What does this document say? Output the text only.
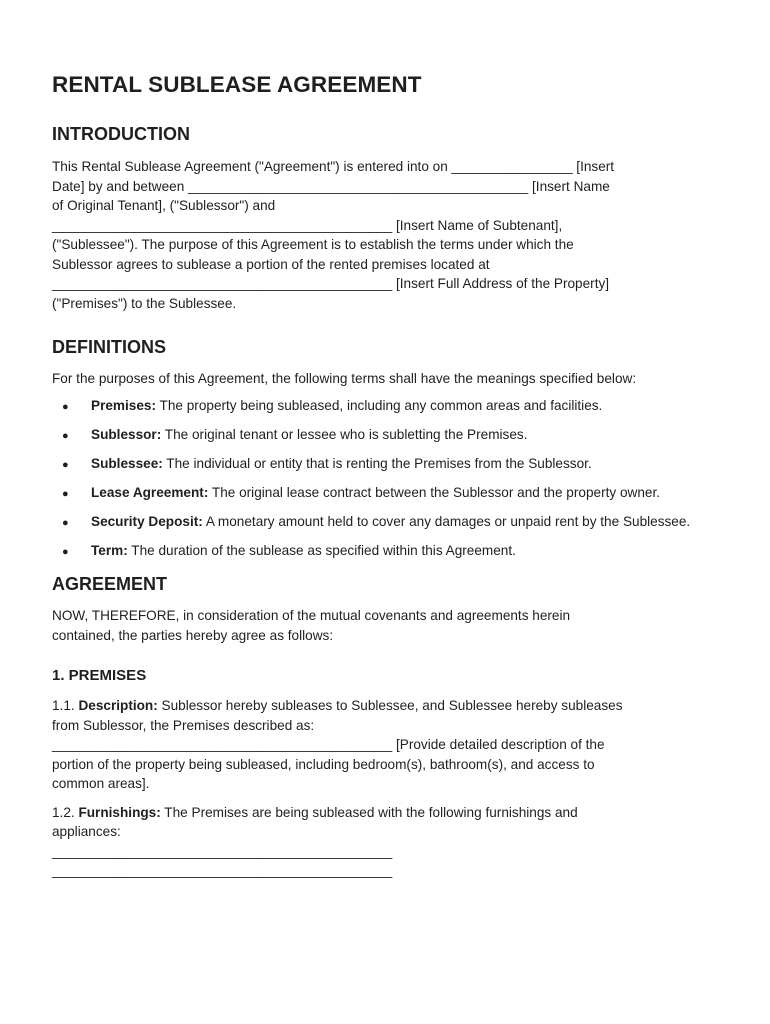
RENTAL SUBLEASE AGREEMENT
INTRODUCTION

This Rental Sublease Agreement ("Agreement") is entered into on ________________ [Insert
Date] by and between _____________________________________________ [Insert Name
of Original Tenant], ("Sublessor") and
_____________________________________________ [Insert Name of Subtenant],
("Sublessee"). The purpose of this Agreement is to establish the terms under which the
Sublessor agrees to sublease a portion of the rented premises located at
_____________________________________________ [Insert Full Address of the Property]
("Premises") to the Sublessee.

DEFINITIONS

For the purposes of this Agreement, the following terms shall have the meanings specified below:

● Premises: The property being subleased, including any common areas and facilities.
● Sublessor: The original tenant or lessee who is subletting the Premises.
● Sublessee: The individual or entity that is renting the Premises from the Sublessor.
● Lease Agreement: The original lease contract between the Sublessor and the property owner.
● Security Deposit: A monetary amount held to cover any damages or unpaid rent by the Sublessee.
● Term: The duration of the sublease as specified within this Agreement.
AGREEMENT

NOW, THEREFORE, in consideration of the mutual covenants and agreements herein
contained, the parties hereby agree as follows:

1. PREMISES

1.1. Description: Sublessor hereby subleases to Sublessee, and Sublessee hereby subleases
from Sublessor, the Premises described as:
_____________________________________________ [Provide detailed description of the
portion of the property being subleased, including bedroom(s), bathroom(s), and access to
common areas].

1.2. Furnishings: The Premises are being subleased with the following furnishings and
appliances:
_____________________________________________
_____________________________________________
